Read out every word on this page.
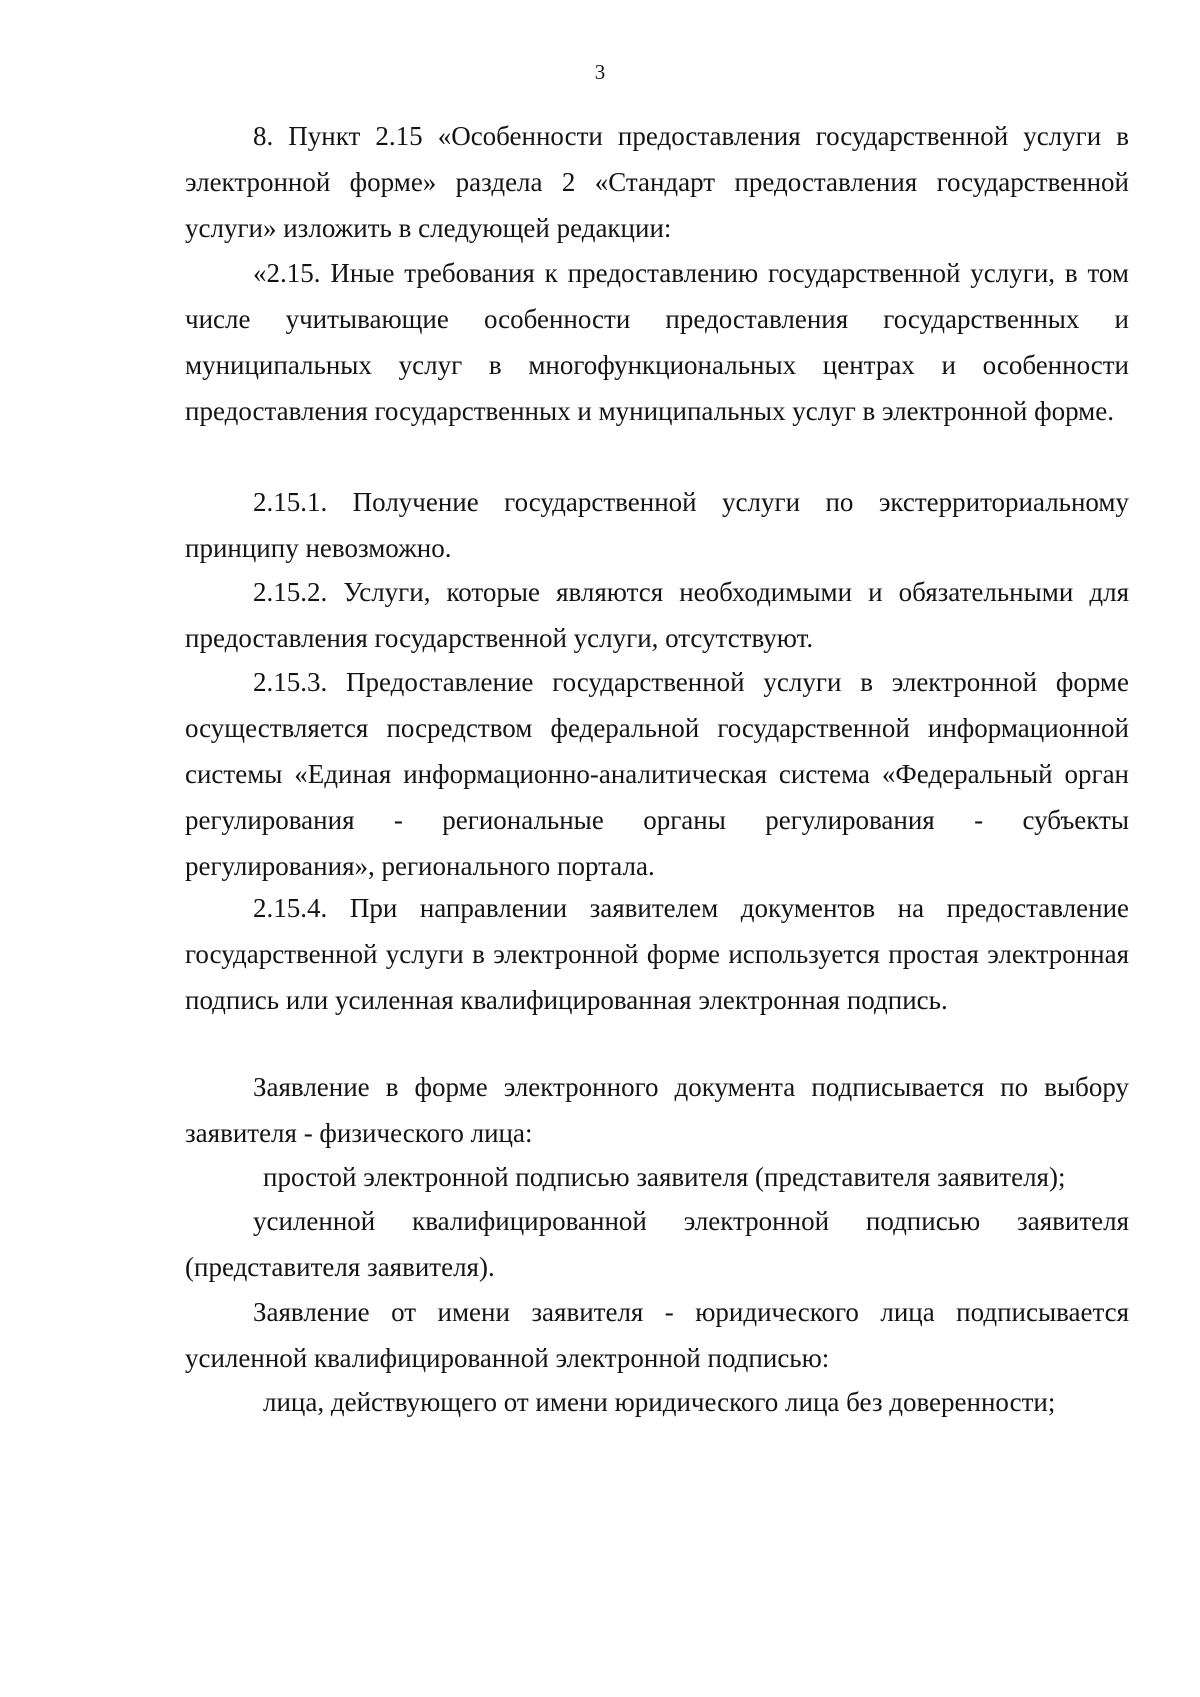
3

8. Пункт 2.15 «Особенности предоставления государственной услуги в электронной форме» раздела 2 «Стандарт предоставления государственной услуги» изложить в следующей редакции:

«2.15. Иные требования к предоставлению государственной услуги, в том числе учитывающие особенности предоставления государственных и муниципальных услуг в многофункциональных центрах и особенности предоставления государственных и муниципальных услуг в электронной форме.

2.15.1. Получение государственной услуги по экстерриториальному принципу невозможно.

2.15.2. Услуги, которые являются необходимыми и обязательными для предоставления государственной услуги, отсутствуют.

2.15.3. Предоставление государственной услуги в электронной форме осуществляется посредством федеральной государственной информационной системы «Единая информационно-аналитическая система «Федеральный орган регулирования - региональные органы регулирования - субъекты регулирования», регионального портала.

2.15.4. При направлении заявителем документов на предоставление государственной услуги в электронной форме используется простая электронная подпись или усиленная квалифицированная электронная подпись.

Заявление в форме электронного документа подписывается по выбору заявителя - физического лица:

простой электронной подписью заявителя (представителя заявителя);

усиленной квалифицированной электронной подписью заявителя (представителя заявителя).

Заявление от имени заявителя - юридического лица подписывается усиленной квалифицированной электронной подписью:

лица, действующего от имени юридического лица без доверенности;
